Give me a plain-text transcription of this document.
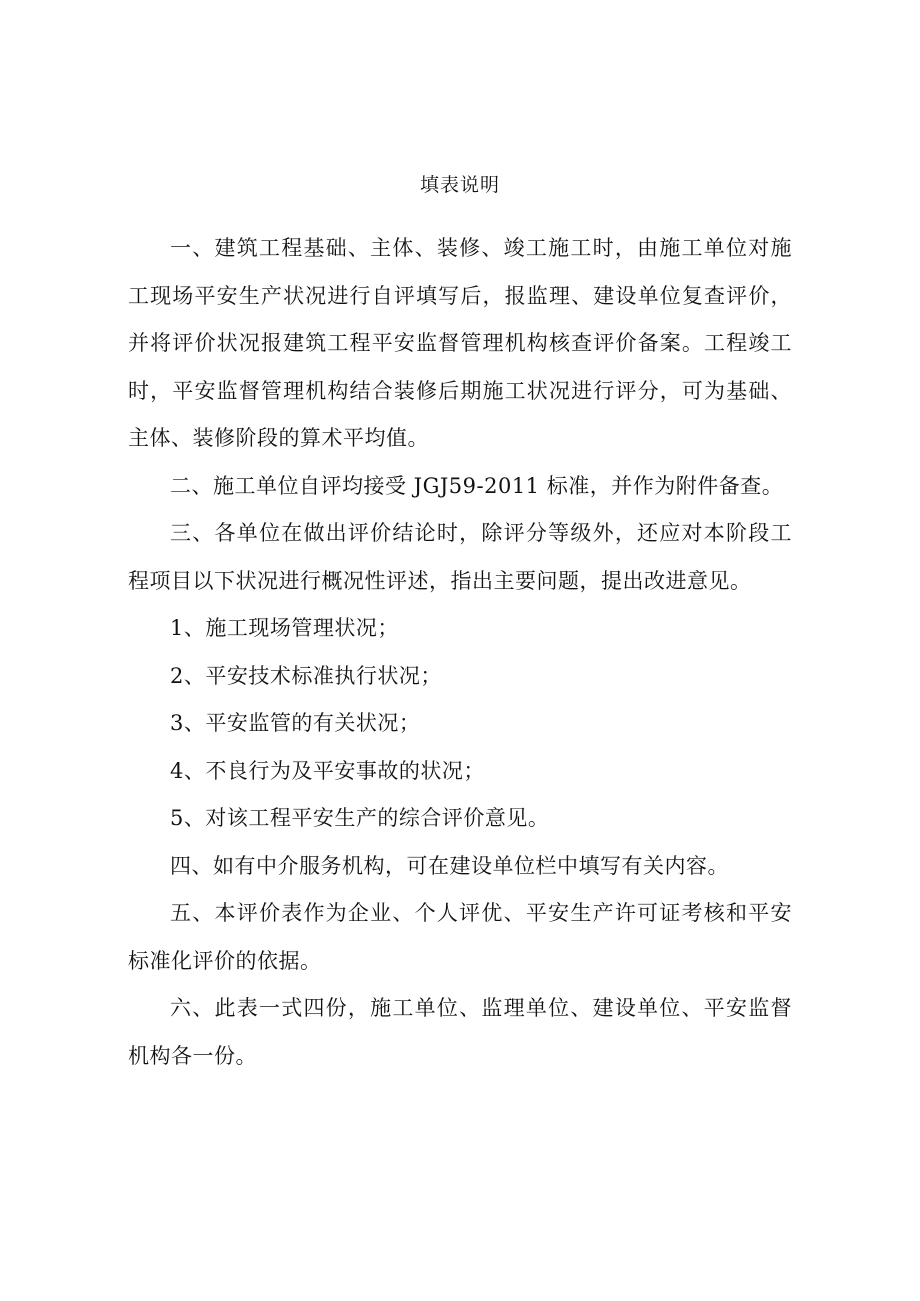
填表说明

一、建筑工程基础、主体、装修、竣工施工时，由施工单位对施工现场平安生产状况进行自评填写后，报监理、建设单位复查评价，并将评价状况报建筑工程平安监督管理机构核查评价备案。工程竣工时，平安监督管理机构结合装修后期施工状况进行评分，可为基础、主体、装修阶段的算术平均值。

二、施工单位自评均接受 JGJ59-2011 标准，并作为附件备查。

三、各单位在做出评价结论时，除评分等级外，还应对本阶段工程项目以下状况进行概况性评述，指出主要问题，提出改进意见。

1、施工现场管理状况；

2、平安技术标准执行状况；

3、平安监管的有关状况；

4、不良行为及平安事故的状况；

5、对该工程平安生产的综合评价意见。

四、如有中介服务机构，可在建设单位栏中填写有关内容。

五、本评价表作为企业、个人评优、平安生产许可证考核和平安标准化评价的依据。

六、此表一式四份，施工单位、监理单位、建设单位、平安监督机构各一份。
